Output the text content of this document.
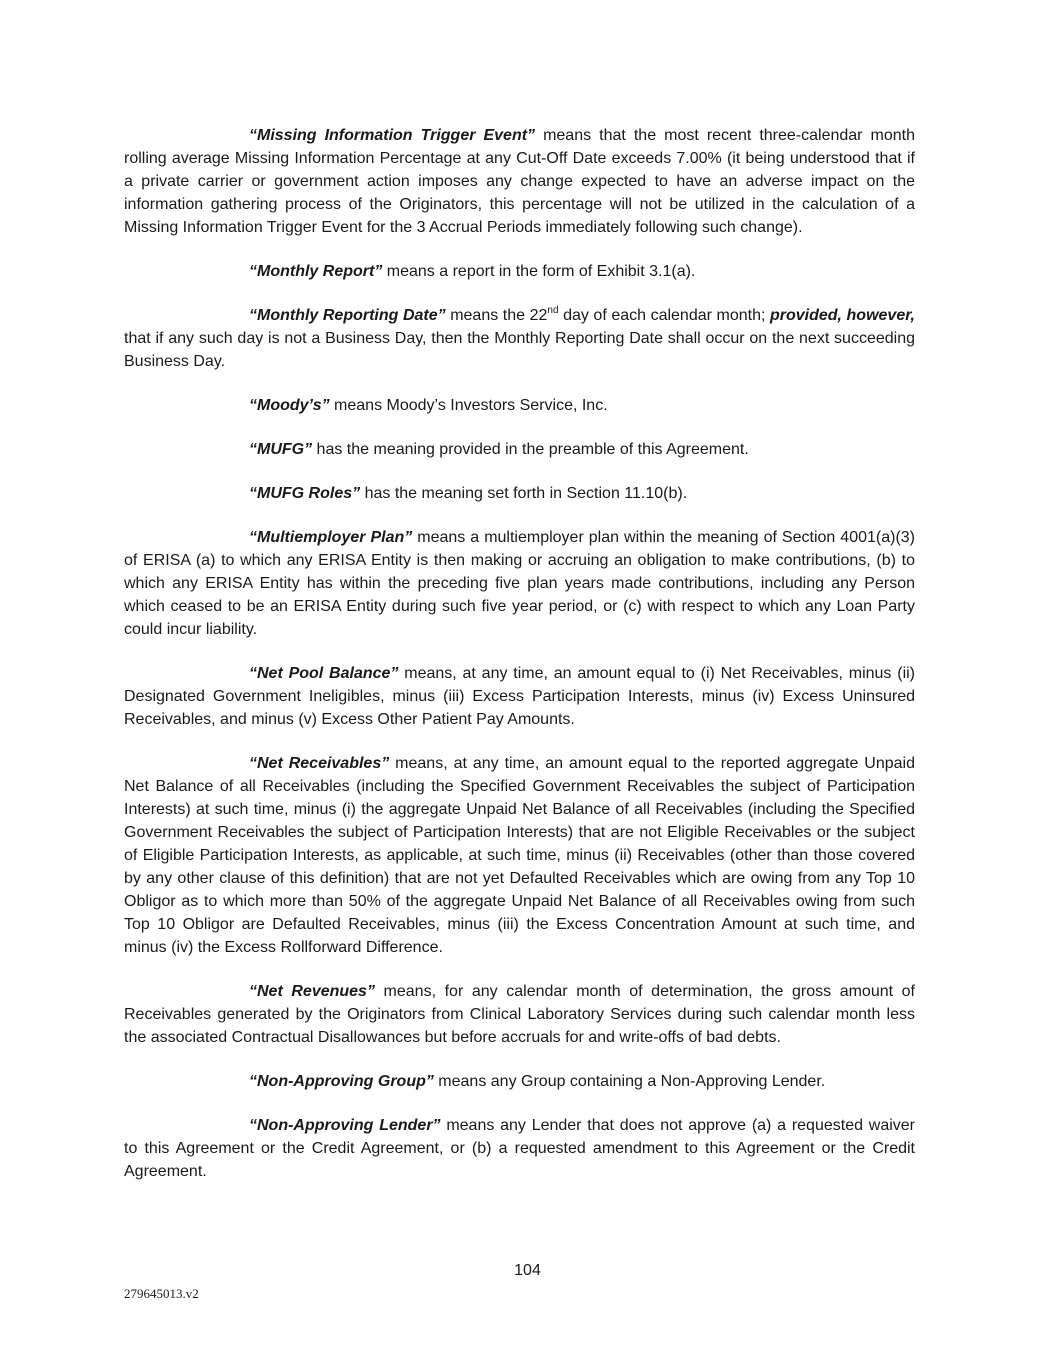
“Missing Information Trigger Event” means that the most recent three-calendar month rolling average Missing Information Percentage at any Cut-Off Date exceeds 7.00% (it being understood that if a private carrier or government action imposes any change expected to have an adverse impact on the information gathering process of the Originators, this percentage will not be utilized in the calculation of a Missing Information Trigger Event for the 3 Accrual Periods immediately following such change).

“Monthly Report” means a report in the form of Exhibit 3.1(a).

“Monthly Reporting Date” means the 22nd day of each calendar month; provided, however, that if any such day is not a Business Day, then the Monthly Reporting Date shall occur on the next succeeding Business Day.

“Moody’s” means Moody’s Investors Service, Inc.

“MUFG” has the meaning provided in the preamble of this Agreement.

“MUFG Roles” has the meaning set forth in Section 11.10(b).

“Multiemployer Plan” means a multiemployer plan within the meaning of Section 4001(a)(3) of ERISA (a) to which any ERISA Entity is then making or accruing an obligation to make contributions, (b) to which any ERISA Entity has within the preceding five plan years made contributions, including any Person which ceased to be an ERISA Entity during such five year period, or (c) with respect to which any Loan Party could incur liability.

“Net Pool Balance” means, at any time, an amount equal to (i) Net Receivables, minus (ii) Designated Government Ineligibles, minus (iii) Excess Participation Interests, minus (iv) Excess Uninsured Receivables, and minus (v) Excess Other Patient Pay Amounts.

“Net Receivables” means, at any time, an amount equal to the reported aggregate Unpaid Net Balance of all Receivables (including the Specified Government Receivables the subject of Participation Interests) at such time, minus (i) the aggregate Unpaid Net Balance of all Receivables (including the Specified Government Receivables the subject of Participation Interests) that are not Eligible Receivables or the subject of Eligible Participation Interests, as applicable, at such time, minus (ii) Receivables (other than those covered by any other clause of this definition) that are not yet Defaulted Receivables which are owing from any Top 10 Obligor as to which more than 50% of the aggregate Unpaid Net Balance of all Receivables owing from such Top 10 Obligor are Defaulted Receivables, minus (iii) the Excess Concentration Amount at such time, and minus (iv) the Excess Rollforward Difference.

“Net Revenues” means, for any calendar month of determination, the gross amount of Receivables generated by the Originators from Clinical Laboratory Services during such calendar month less the associated Contractual Disallowances but before accruals for and write-offs of bad debts.

“Non-Approving Group” means any Group containing a Non-Approving Lender.

“Non-Approving Lender” means any Lender that does not approve (a) a requested waiver to this Agreement or the Credit Agreement, or (b) a requested amendment to this Agreement or the Credit Agreement.

104
279645013.v2
